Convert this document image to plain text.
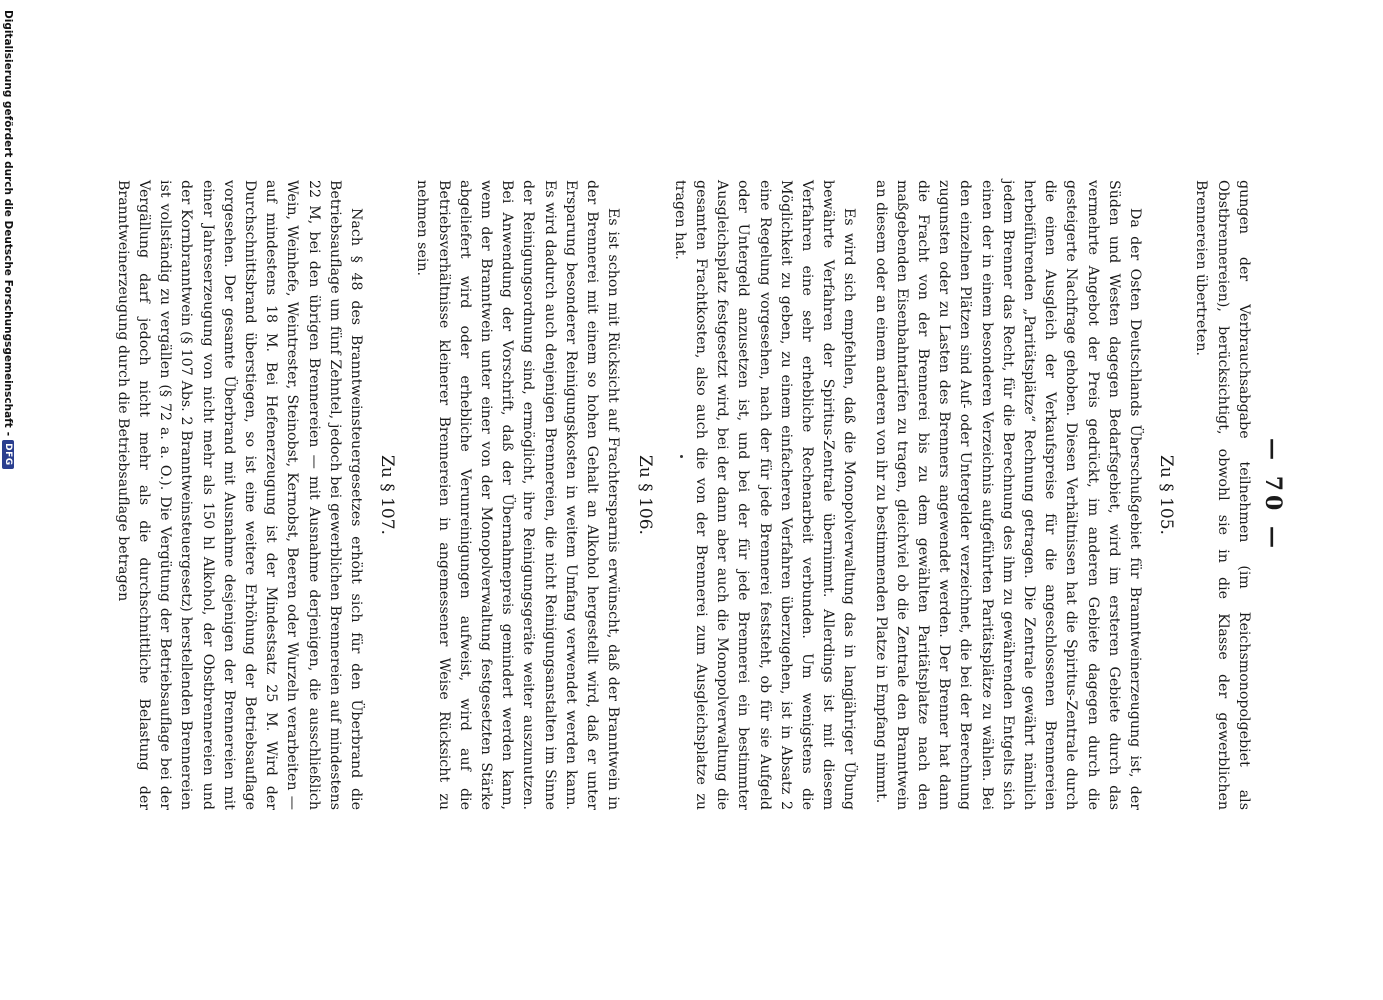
— 70 —

gungen der Verbrauchsabgabe teilnehmen (im Reichsmonopolgebiet als Obstbrennereien), berücksichtigt, obwohl sie in die Klasse der gewerblichen Brennereien übertreten.

Zu § 105.

Da der Osten Deutschlands Überschußgebiet für Branntweinerzeugung ist, der Süden und Westen dagegen Bedarfsgebiet, wird im ersteren Gebiete durch das vermehrte Angebot der Preis gedrückt, im anderen Gebiete dagegen durch die gesteigerte Nachfrage gehoben. Diesen Verhältnissen hat die Spiritus-Zentrale durch die einen Ausgleich der Verkaufspreise für die angeschlossenen Brennereien herbeiführenden „Paritätsplätze“ Rechnung getragen. Die Zentrale gewährt nämlich jedem Brenner das Recht, für die Berechnung des ihm zu gewährenden Entgelts sich einen der in einem besonderen Verzeichnis aufgeführten Paritätsplätze zu wählen. Bei den einzelnen Plätzen sind Auf- oder Untergelder verzeichnet, die bei der Berechnung zugunsten oder zu Lasten des Brenners angewendet werden. Der Brenner hat dann die Fracht von der Brennerei bis zu dem gewählten Paritätsplatze nach den maßgebenden Eisenbahntarifen zu tragen, gleichviel ob die Zentrale den Branntwein an diesem oder an einem anderen von ihr zu bestimmenden Platze in Empfang nimmt.

Es wird sich empfehlen, daß die Monopolverwaltung das in langjähriger Übung bewährte Verfahren der Spiritus-Zentrale übernimmt. Allerdings ist mit diesem Verfahren eine sehr erhebliche Rechenarbeit verbunden. Um wenigstens die Möglichkeit zu geben, zu einem einfacheren Verfahren überzugehen, ist in Absatz 2 eine Regelung vorgesehen, nach der für jede Brennerei feststeht, ob für sie Aufgeld oder Untergeld anzusetzen ist, und bei der für jede Brennerei ein bestimmter Ausgleichsplatz festgesetzt wird, bei der dann aber auch die Monopolverwaltung die gesamten Frachtkosten, also auch die von der Brennerei zum Ausgleichsplatze zu tragen hat.

Zu § 106.

Es ist schon mit Rücksicht auf Frachtersparnis erwünscht, daß der Branntwein in der Brennerei mit einem so hohen Gehalt an Alkohol hergestellt wird, daß er unter Ersparung besonderer Reinigungskosten in weitem Umfang verwendet werden kann. Es wird dadurch auch denjenigen Brennereien, die nicht Reinigungsanstalten im Sinne der Reinigungsordnung sind, ermöglicht, ihre Reinigungsgeräte weiter auszunutzen. Bei Anwendung der Vorschrift, daß der Übernahmepreis gemindert werden kann, wenn der Branntwein unter einer von der Monopolverwaltung festgesetzten Stärke abgeliefert wird oder erhebliche Verunreinigungen aufweist, wird auf die Betriebsverhältnisse kleinerer Brennereien in angemessener Weise Rücksicht zu nehmen sein.

Zu § 107.

Nach § 48 des Branntweinsteuergesetzes erhöht sich für den Überbrand die Betriebsauflage um fünf Zehntel, jedoch bei gewerblichen Brennereien auf mindestens 22 M, bei den übrigen Brennereien — mit Ausnahme derjenigen, die ausschließlich Wein, Weinhefe, Weintrester, Steinobst, Kernobst, Beeren oder Wurzeln verarbeiten — auf mindestens 18 M. Bei Hefenerzeugung ist der Mindestsatz 25 M. Wird der Durchschnittsbrand überstiegen, so ist eine weitere Erhöhung der Betriebsauflage vorgesehen. Der gesamte Überbrand mit Ausnahme desjenigen der Brennereien mit einer Jahreserzeugung von nicht mehr als 150 hl Alkohol, der Obstbrennereien und der Kornbranntwein (§ 107 Abs. 2 Branntweinsteuergesetz) herstellenden Brennereien ist vollständig zu vergällen (§ 72 a. a. O.). Die Vergütung der Betriebsauflage bei der Vergällung darf jedoch nicht mehr als die durchschnittliche Belastung der Branntweinerzeugung durch die Betriebsauflage betragen

Digitalisierung gefördert durch die Deutsche Forschungsgemeinschaft
-
DFG
